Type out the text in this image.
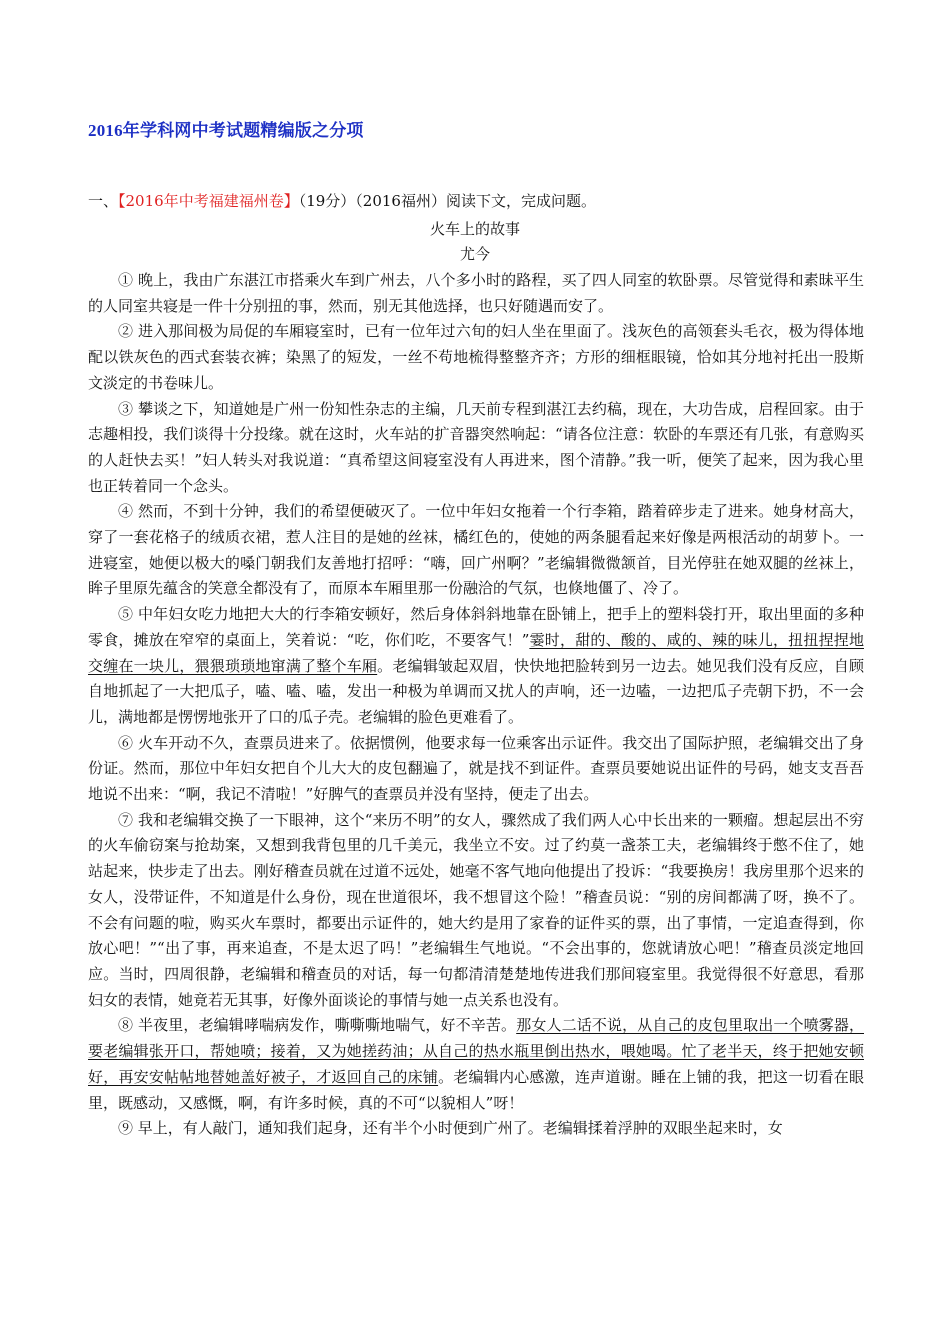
2016年学科网中考试题精编版之分项
一、【2016年中考福建福州卷】（19分）（2016福州）阅读下文，完成问题。
火车上的故事
尤今

① 晚上，我由广东湛江市搭乘火车到广州去，八个多小时的路程，买了四人同室的软卧票。尽管觉得和素昧平生的人同室共寝是一件十分别扭的事，然而，别无其他选择，也只好随遇而安了。

② 进入那间极为局促的车厢寝室时，已有一位年过六旬的妇人坐在里面了。浅灰色的高领套头毛衣，极为得体地配以铁灰色的西式套装衣裤；染黑了的短发，一丝不苟地梳得整整齐齐；方形的细框眼镜，恰如其分地衬托出一股斯文淡定的书卷味儿。

③ 攀谈之下，知道她是广州一份知性杂志的主编，几天前专程到湛江去约稿，现在，大功告成，启程回家。由于志趣相投，我们谈得十分投缘。就在这时，火车站的扩音器突然响起：“请各位注意：软卧的车票还有几张，有意购买的人赶快去买！”妇人转头对我说道：“真希望这间寝室没有人再进来，图个清静。”我一听，便笑了起来，因为我心里也正转着同一个念头。

④ 然而，不到十分钟，我们的希望便破灭了。一位中年妇女拖着一个行李箱，踏着碎步走了进来。她身材高大，穿了一套花格子的绒质衣裙，惹人注目的是她的丝袜，橘红色的，使她的两条腿看起来好像是两根活动的胡萝卜。一进寝室，她便以极大的嗓门朝我们友善地打招呼：“嗨，回广州啊？”老编辑微微颔首，目光停驻在她双腿的丝袜上，眸子里原先蕴含的笑意全都没有了，而原本车厢里那一份融洽的气氛，也倏地僵了、冷了。

⑤ 中年妇女吃力地把大大的行李箱安顿好，然后身体斜斜地靠在卧铺上，把手上的塑料袋打开，取出里面的多种零食，摊放在窄窄的桌面上，笑着说：“吃，你们吃，不要客气！”霎时，甜的、酸的、咸的、辣的味儿，扭扭捏捏地交缠在一块儿，猥猥琐琐地窜满了整个车厢。老编辑皱起双眉，快快地把脸转到另一边去。她见我们没有反应，自顾自地抓起了一大把瓜子，嗑、嗑、嗑，发出一种极为单调而又扰人的声响，还一边嗑，一边把瓜子壳朝下扔，不一会儿，满地都是愣愣地张开了口的瓜子壳。老编辑的脸色更难看了。

⑥ 火车开动不久，查票员进来了。依据惯例，他要求每一位乘客出示证件。我交出了国际护照，老编辑交出了身份证。然而，那位中年妇女把自个儿大大的皮包翻遍了，就是找不到证件。查票员要她说出证件的号码，她支支吾吾地说不出来：“啊，我记不清啦！”好脾气的查票员并没有坚持，便走了出去。

⑦ 我和老编辑交换了一下眼神，这个“来历不明”的女人，骤然成了我们两人心中长出来的一颗瘤。想起层出不穷的火车偷窃案与抢劫案，又想到我背包里的几千美元，我坐立不安。过了约莫一盏茶工夫，老编辑终于憋不住了，她站起来，快步走了出去。刚好稽查员就在过道不远处，她毫不客气地向他提出了投诉：“我要换房！我房里那个迟来的女人，没带证件，不知道是什么身份，现在世道很坏，我不想冒这个险！”稽查员说：“别的房间都满了呀，换不了。不会有问题的啦，购买火车票时，都要出示证件的，她大约是用了家眷的证件买的票，出了事情，一定追查得到，你放心吧！”“出了事，再来追查，不是太迟了吗！”老编辑生气地说。“不会出事的，您就请放心吧！”稽查员淡定地回应。当时，四周很静，老编辑和稽查员的对话，每一句都清清楚楚地传进我们那间寝室里。我觉得很不好意思，看那妇女的表情，她竟若无其事，好像外面谈论的事情与她一点关系也没有。

⑧ 半夜里，老编辑哮喘病发作，嘶嘶嘶地喘气，好不辛苦。那女人二话不说，从自己的皮包里取出一个喷雾器，要老编辑张开口，帮她喷；接着，又为她搓药油；从自己的热水瓶里倒出热水，喂她喝。忙了老半天，终于把她安顿好，再安安帖帖地替她盖好被子，才返回自己的床铺。老编辑内心感激，连声道谢。睡在上铺的我，把这一切看在眼里，既感动，又感慨，啊，有许多时候，真的不可“以貌相人”呀！

⑨ 早上，有人敲门，通知我们起身，还有半个小时便到广州了。老编辑揉着浮肿的双眼坐起来时，女
